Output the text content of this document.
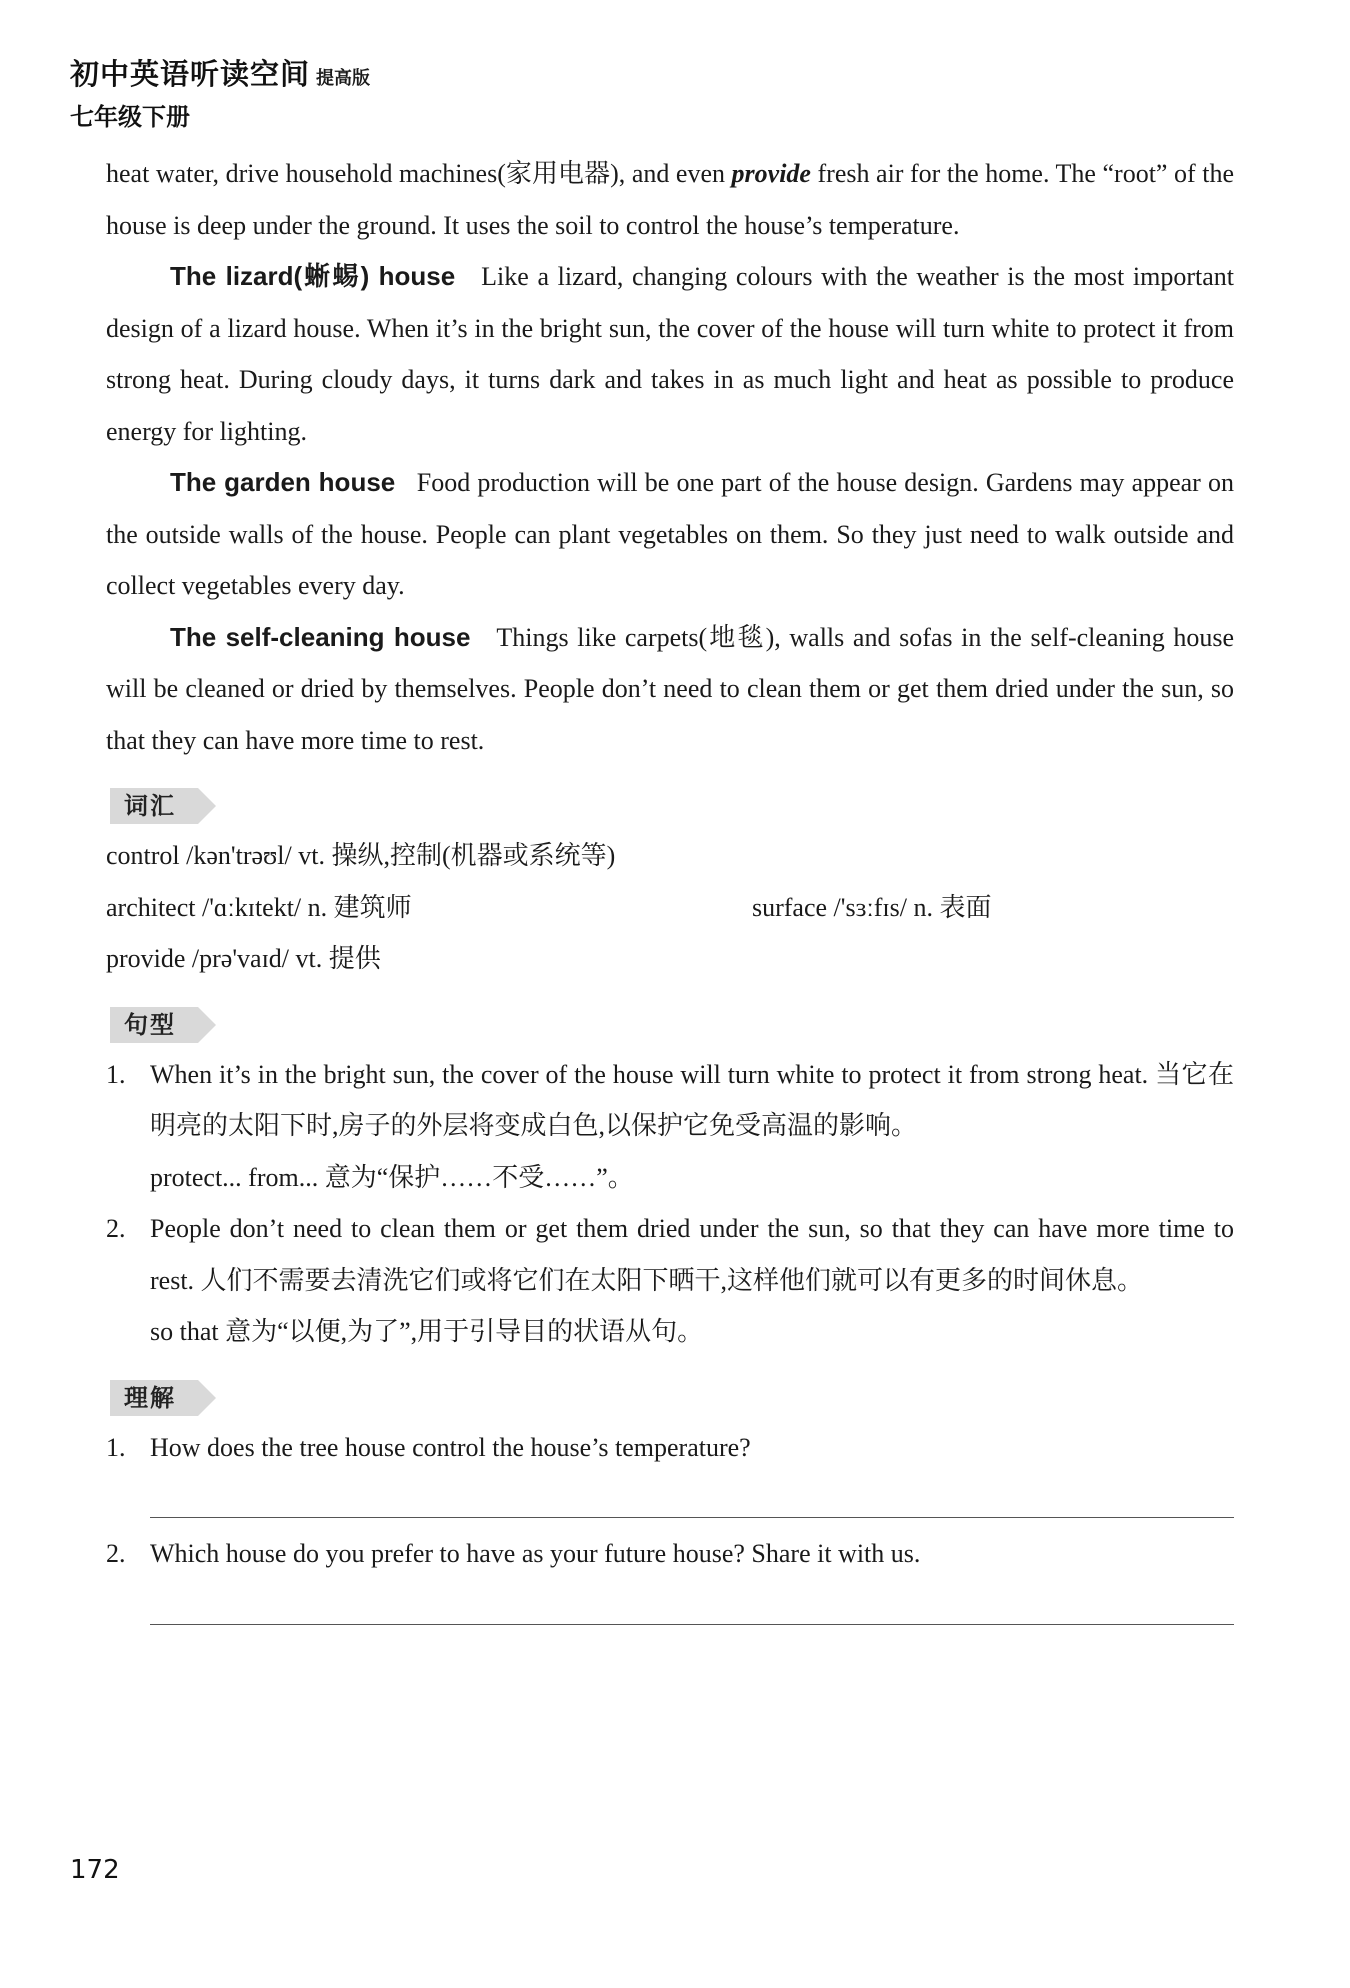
初中英语听读空间 提高版
七年级下册

heat water, drive household machines(家用电器), and even provide fresh air for the home. The “root” of the house is deep under the ground. It uses the soil to control the house’s temperature.

The lizard(蜥蜴) house Like a lizard, changing colours with the weather is the most important design of a lizard house. When it’s in the bright sun, the cover of the house will turn white to protect it from strong heat. During cloudy days, it turns dark and takes in as much light and heat as possible to produce energy for lighting.

The garden house Food production will be one part of the house design. Gardens may appear on the outside walls of the house. People can plant vegetables on them. So they just need to walk outside and collect vegetables every day.

The self-cleaning house Things like carpets(地毯), walls and sofas in the self-cleaning house will be cleaned or dried by themselves. People don’t need to clean them or get them dried under the sun, so that they can have more time to rest.

词汇

control /kən'trəʊl/ vt. 操纵,控制(机器或系统等)

architect /'ɑːkɪtekt/ n. 建筑师	surface /'sɜːfɪs/ n. 表面

provide /prə'vaɪd/ vt. 提供

句型
1. When it’s in the bright sun, the cover of the house will turn white to protect it from strong heat. 当它在明亮的太阳下时,房子的外层将变成白色,以保护它免受高温的影响。

protect... from... 意为“保护……不受……”。

2. People don’t need to clean them or get them dried under the sun, so that they can have more time to rest. 人们不需要去清洗它们或将它们在太阳下晒干,这样他们就可以有更多的时间休息。

so that 意为“以便,为了”,用于引导目的状语从句。

理解
1. How does the tree house control the house’s temperature?
2. Which house do you prefer to have as your future house? Share it with us.
172
